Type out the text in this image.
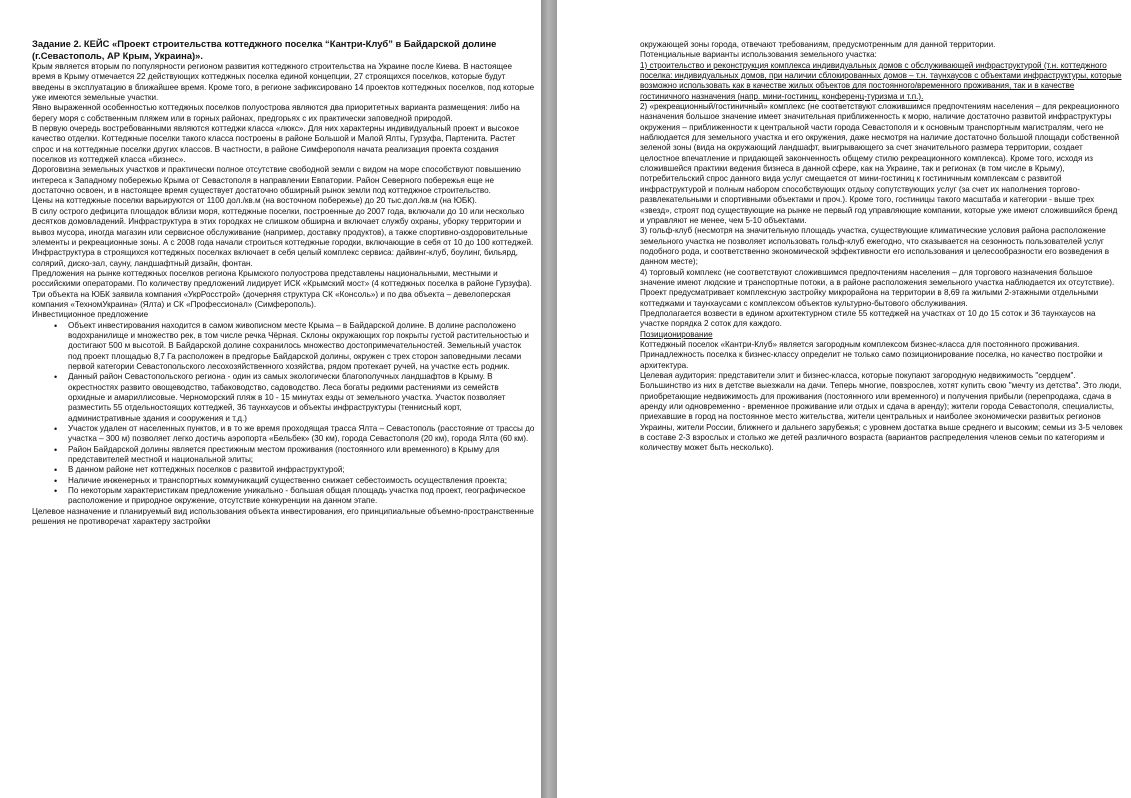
Задание 2. КЕЙС «Проект строительства коттеджного поселка “Кантри-Клуб” в Байдарской долине (г.Севастополь, АР Крым, Украина)».

Крым является вторым по популярности регионом развития коттеджного строительства на Украине после Киева. В настоящее время в Крыму отмечается 22 действующих коттеджных поселка единой концепции, 27 строящихся поселков, которые будут введены в эксплуатацию в ближайшее время. Кроме того, в регионе зафиксировано 14 проектов коттеджных поселков, под которые уже имеются земельные участки.

Явно выраженной особенностью коттеджных поселков полуострова являются два приоритетных варианта размещения: либо на берегу моря с собственным пляжем или в горных районах, предгорьях с их практически заповедной природой.

В первую очередь востребованными являются коттеджи класса «люкс». Для них характерны индивидуальный проект и высокое качество отделки. Коттеджные поселки такого класса построены в районе Большой и Малой Ялты, Гурзуфа, Партенита. Растет спрос и на коттеджные поселки других классов. В частности, в районе Симферополя начата реализация проекта создания поселков из коттеджей класса «бизнес».

Дороговизна земельных участков и практически полное отсутствие свободной земли с видом на море способствуют повышению интереса к Западному побережью Крыма от Севастополя в направлении Евпатории. Район Северного побережья еще не достаточно освоен, и в настоящее время существует достаточно обширный рынок земли под коттеджное строительство.

Цены на коттеджные поселки варьируются от 1100 дол./кв.м (на восточном побережье) до 20 тыс.дол./кв.м (на ЮБК).

В силу острого дефицита площадок вблизи моря, коттеджные поселки, построенные до 2007 года, включали до 10 или несколько десятков домовладений. Инфраструктура в этих городках не слишком обширна и включает службу охраны, уборку территории и вывоз мусора, иногда магазин или сервисное обслуживание (например, доставку продуктов), а также спортивно-оздоровительные элементы и рекреационные зоны. А с 2008 года начали строиться коттеджные городки, включающие в себя от 10 до 100 коттеджей. Инфраструктура в строящихся коттеджных поселках включает в себя целый комплекс сервиса: дайвинг-клуб, боулинг, бильярд, солярий, диско-зал, сауну, ландшафтный дизайн, фонтан.

Предложения на рынке коттеджных поселков региона Крымского полуострова представлены национальными, местными и российскими операторами. По количеству предложений лидирует ИСК «Крымский мост» (4 коттеджных поселка в районе Гурзуфа). Три объекта на ЮБК заявила компания «УкрРосстрой» (дочерняя структура СК «Консоль») и по два объекта – девелоперская компания «ТехномУкраина» (Ялта) и СК «Профессионал» (Симферополь).

Инвестиционное предложение

• Объект инвестирования находится в самом живописном месте Крыма – в Байдарской долине. В долине расположено водохранилище и множество рек, в том числе речка Чёрная. Склоны окружающих гор покрыты густой растительностью и достигают 500 м высотой. В Байдарской долине сохранилось множество достопримечательностей. Земельный участок под проект площадью 8,7 Га расположен в предгорье Байдарской долины, окружен с трех сторон заповедными лесами первой категории Севастопольского лесохозяйственного хозяйства, рядом протекает ручей, на участке есть родник.
• Данный район Севастопольского региона - один из самых экологически благополучных ландшафтов в Крыму. В окрестностях развито овощеводство, табаководство, садоводство. Леса богаты редкими растениями из семейств орхидные и амариллисовые. Черноморский пляж в 10 - 15 минутах езды от земельного участка. Участок позволяет разместить 55 отдельностоящих коттеджей, 36 таунхаусов и объекты инфраструктуры (теннисный корт, административные здания и сооружения и т.д.)
• Участок удален от населенных пунктов, и в то же время проходящая трасса Ялта – Севастополь (расстояние от трассы до участка – 300 м) позволяет легко достичь аэропорта «Бельбек» (30 км), города Севастополя (20 км), города Ялта (60 км).
• Район Байдарской долины является престижным местом проживания (постоянного или временного) в Крыму для представителей местной и национальной элиты;
• В данном районе нет коттеджных поселков с развитой инфраструктурой;
• Наличие инженерных и транспортных коммуникаций существенно снижает себестоимость осуществления проекта;
• По некоторым характеристикам предложение уникально - большая общая площадь участка под проект, географическое расположение и природное окружение, отсутствие конкуренции на данном этапе.

Целевое назначение и планируемый вид использования объекта инвестирования, его принципиальные объемно-пространственные решения не противоречат характеру застройки

окружающей зоны города, отвечают требованиям, предусмотренным для данной территории.

Потенциальные варианты использования земельного участка:

1) строительство и реконструкция комплекса индивидуальных домов с обслуживающей инфраструктурой (т.н. коттеджного поселка: индивидуальных домов, при наличии сблокированных домов – т.н. таунхаусов с объектами инфраструктуры, которые возможно использовать как в качестве жилых объектов для постоянного/временного проживания, так и в качестве гостиничного назначения (напр. мини-гостиниц, конференц-туризма и т.п.).

2) «рекреационный/гостиничный» комплекс (не соответствуют сложившимся предпочтениям населения – для рекреационного назначения большое значение имеет значительная приближенность к морю, наличие достаточно развитой инфраструктуры окружения – приближенности к центральной части города Севастополя и к основным транспортным магистралям, чего не наблюдается для земельного участка и его окружения, даже несмотря на наличие достаточно большой площади собственной зеленой зоны (вида на окружающий ландшафт, выигрывающего за счет значительного размера территории, создает целостное впечатление и придающей законченность общему стилю рекреационного комплекса). Кроме того, исходя из сложившейся практики ведения бизнеса в данной сфере, как на Украине, так и регионах (в том числе в Крыму), потребительский спрос данного вида услуг смещается от мини-гостиниц к гостиничным комплексам с развитой инфраструктурой и полным набором способствующих отдыху сопутствующих услуг (за счет их наполнения торгово-развлекательными и спортивными объектами и проч.). Кроме того, гостиницы такого масштаба и категории - выше трех «звезд», строят под существующие на рынке не первый год управляющие компании, которые уже имеют сложившийся бренд и управляют не менее, чем 5-10 объектами.

3) гольф-клуб (несмотря на значительную площадь участка, существующие климатические условия района расположение земельного участка не позволяет использовать гольф-клуб ежегодно, что сказывается на сезонность пользователей услуг подобного рода, и соответственно экономической эффективности его использования и целесообразности его возведения в данном месте);

4) торговый комплекс (не соответствуют сложившимся предпочтениям населения – для торгового назначения большое значение имеют людские и транспортные потоки, а в районе расположения земельного участка наблюдается их отсутствие).

Проект предусматривает комплексную застройку микрорайона на территории в 8,69 га жилыми 2-этажными отдельными коттеджами и таунхаусами с комплексом объектов культурно-бытового обслуживания.

Предполагается возвести в едином архитектурном стиле 55 коттеджей на участках от 10 до 15 соток и 36 таунхаусов на участке порядка 2 соток для каждого.

Позиционирование

Коттеджный поселок «Кантри-Клуб» является загородным комплексом бизнес-класса для постоянного проживания. Принадлежность поселка к бизнес-классу определит не только само позиционирование поселка, но качество постройки и архитектура.

Целевая аудитория: представители элит и бизнес-класса, которые покупают загородную недвижимость "сердцем". Большинство из них в детстве выезжали на дачи. Теперь многие, повзрослев, хотят купить свою "мечту из детства". Это люди, приобретающие недвижимость для проживания (постоянного или временного) и получения прибыли (перепродажа, сдача в аренду или одновременно - временное проживание или отдых и сдача в аренду); жители города Севастополя, специалисты, приехавшие в город на постоянное место жительства, жители центральных и наиболее экономически развитых регионов Украины, жители России, ближнего и дальнего зарубежья; с уровнем достатка выше среднего и высоким; семьи из 3-5 человек в составе 2-3 взрослых и столько же детей различного возраста (вариантов распределения членов семьи по категориям и количеству может быть несколько).
